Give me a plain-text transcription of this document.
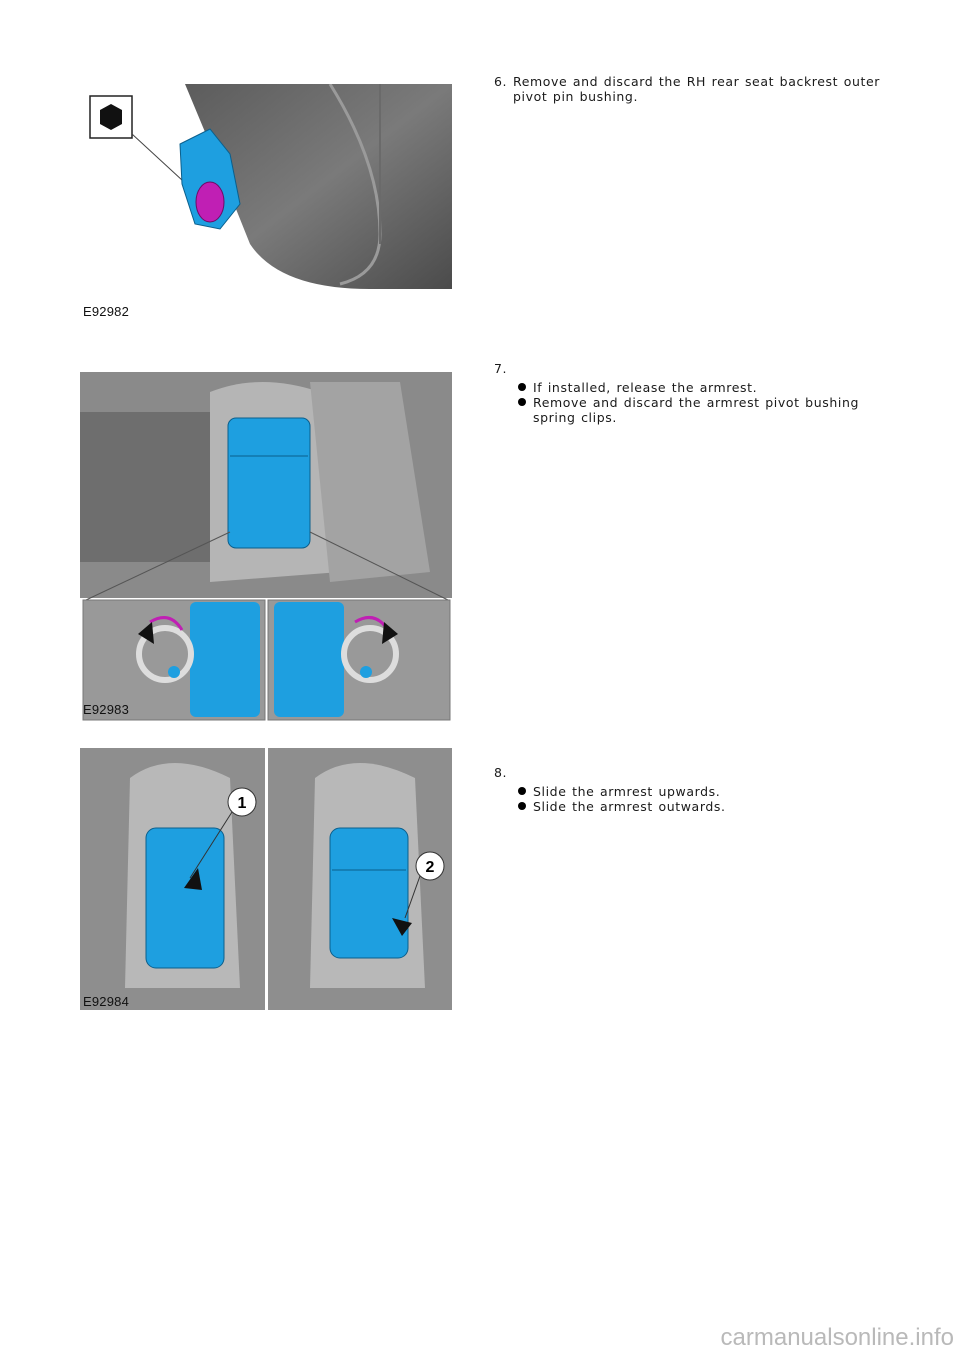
E92982
6. Remove and discard the RH rear seat backrest outer pivot pin bushing.
E92983
7.
If installed, release the armrest.
Remove and discard the armrest pivot bushing spring clips.
1
2
E92984
8.
Slide the armrest upwards.
Slide the armrest outwards.
carmanualsonline.info
